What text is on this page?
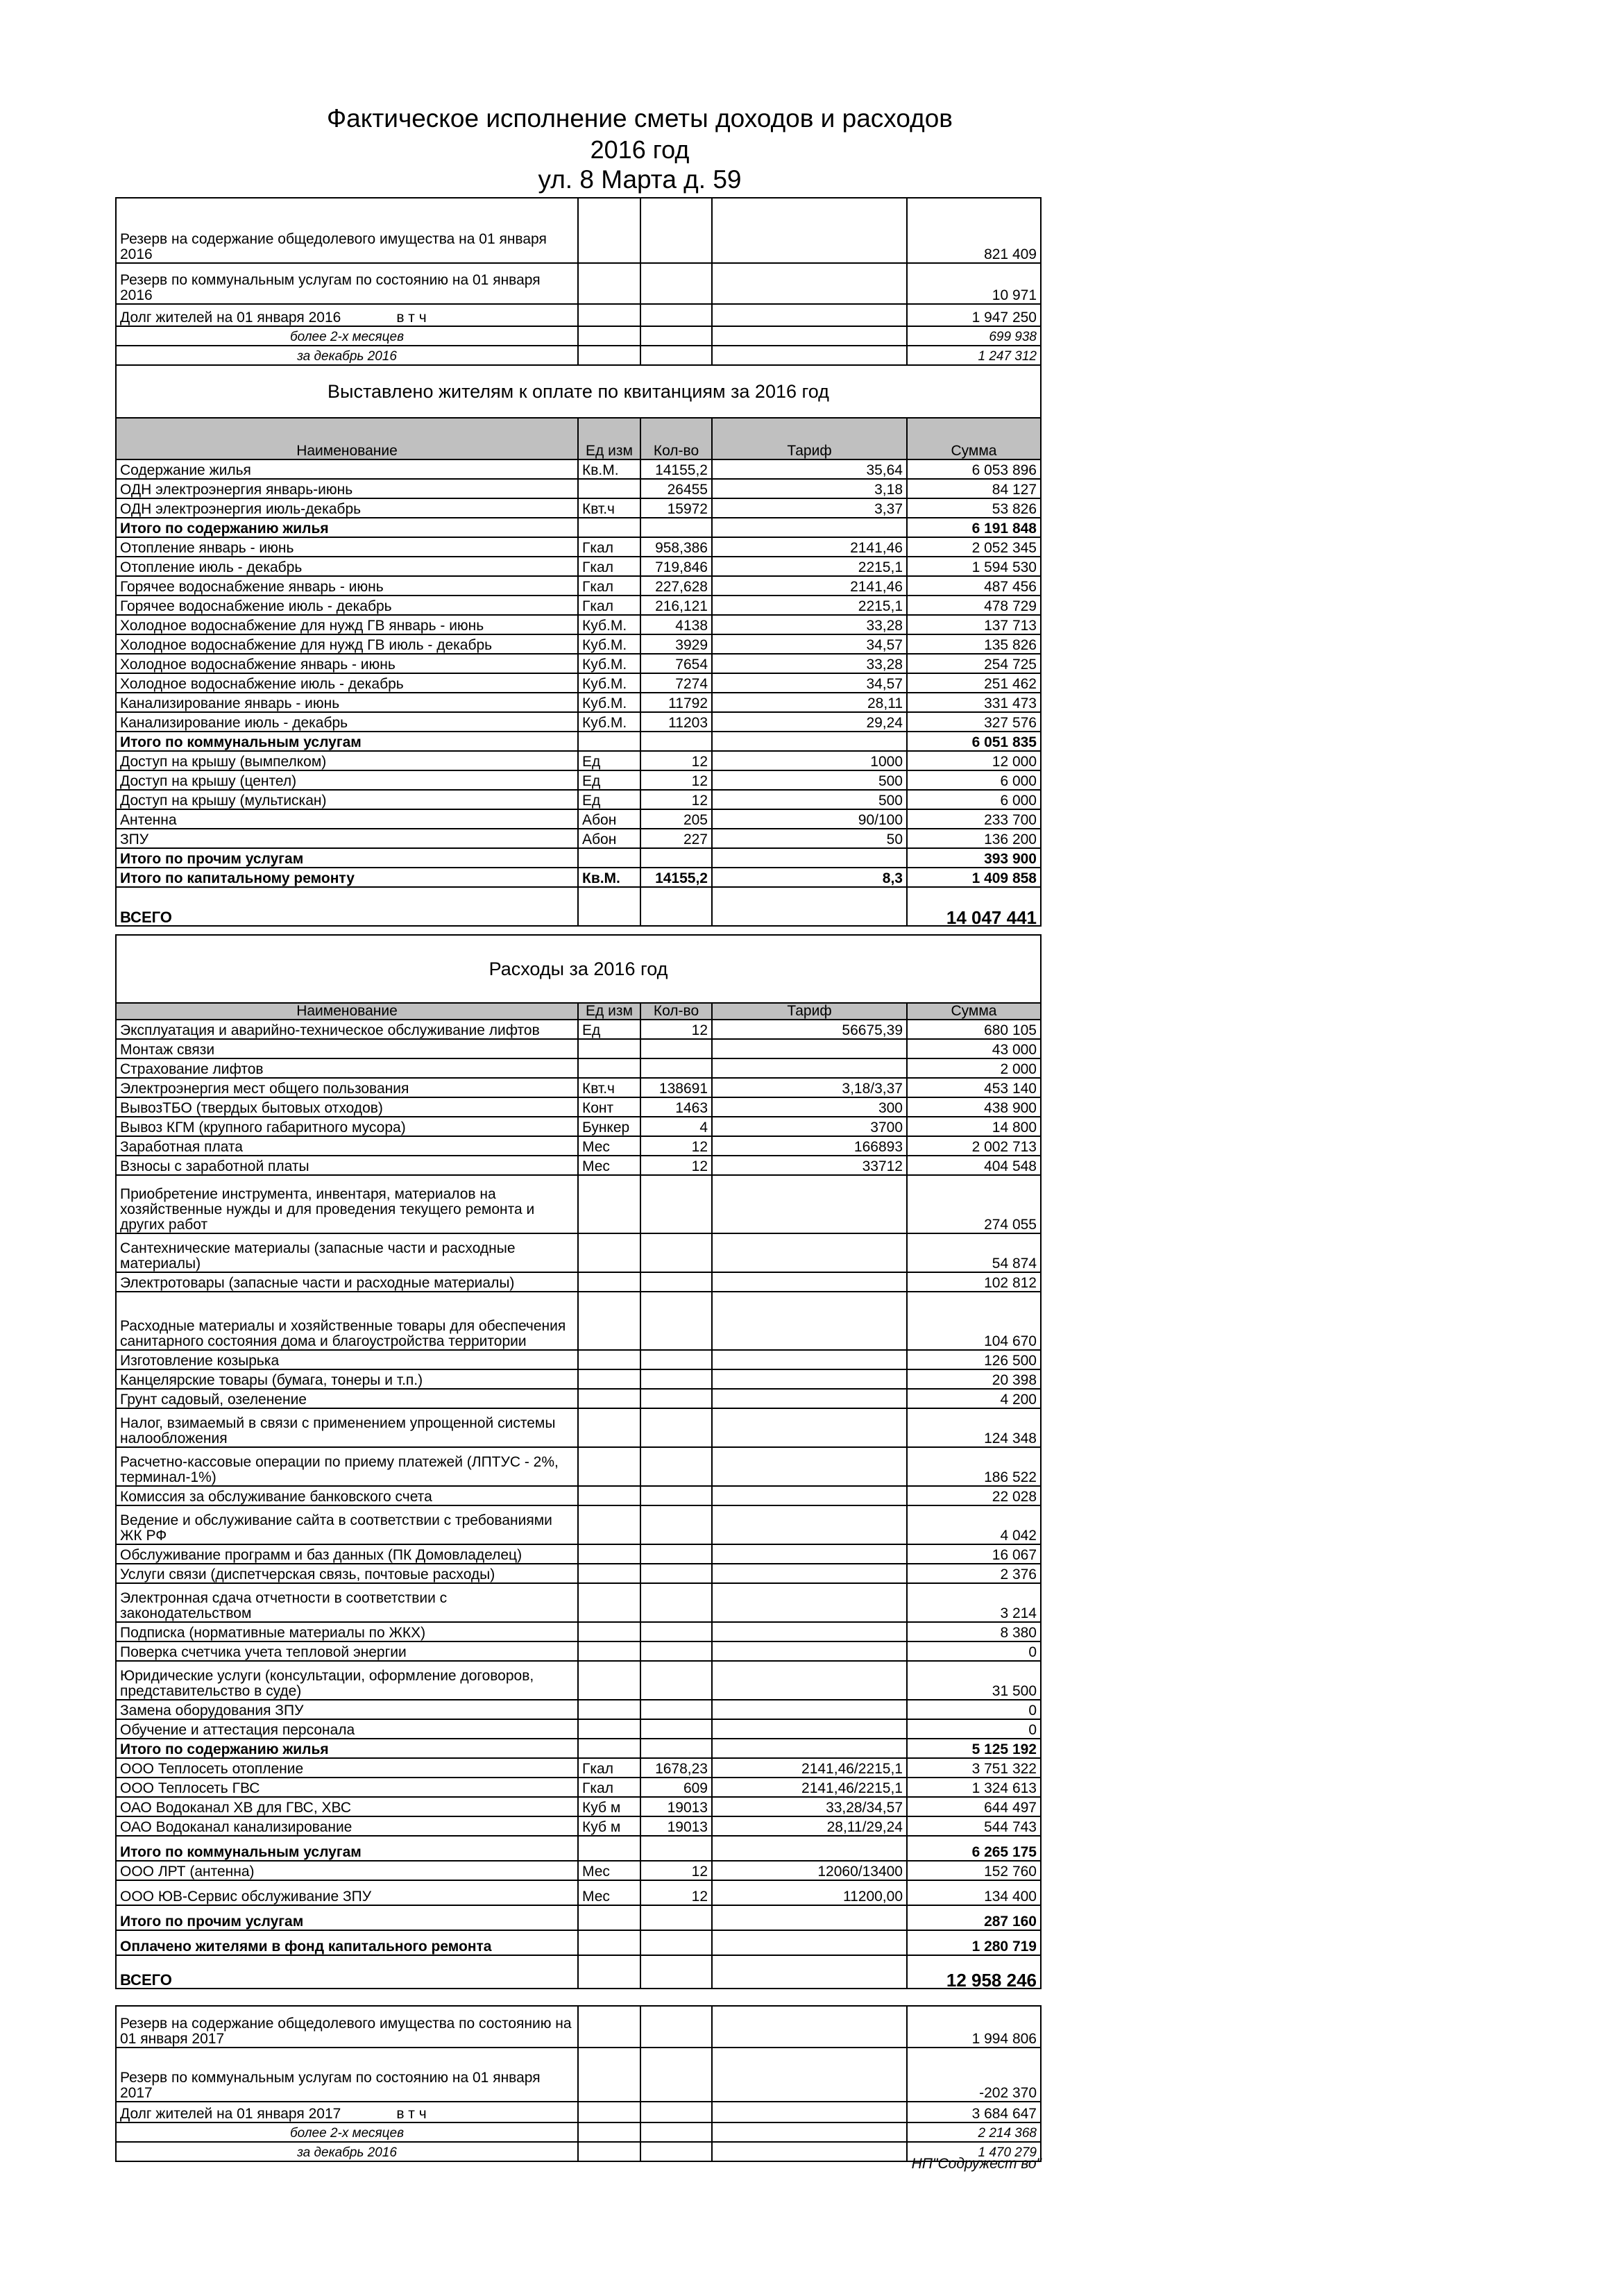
Фактическое исполнение сметы доходов и расходов
2016 год
ул. 8 Марта д. 59
Резерв на содержание общедолевого имущества на 01 января 2016				821 409
Резерв по коммунальным услугам по состоянию на 01 января 2016				10 971
Долг жителей на 01 января 2016 в т ч				1 947 250
более 2-х месяцев				699 938
за декабрь 2016				1 247 312
Выставлено жителям к оплате по квитанциям за 2016 год				
Наименование	Ед изм	Кол-во	Тариф	Сумма
Содержание жилья	Кв.М.	14155,2	35,64	6 053 896
ОДН электроэнергия январь-июнь		26455	3,18	84 127
ОДН электроэнергия июль-декабрь	Квт.ч	15972	3,37	53 826
Итого по содержанию жилья				6 191 848
Отопление январь - июнь	Гкал	958,386	2141,46	2 052 345
Отопление июль - декабрь	Гкал	719,846	2215,1	1 594 530
Горячее водоснабжение январь - июнь	Гкал	227,628	2141,46	487 456
Горячее водоснабжение июль - декабрь	Гкал	216,121	2215,1	478 729
Холодное водоснабжение для нужд ГВ январь - июнь	Куб.М.	4138	33,28	137 713
Холодное водоснабжение для нужд ГВ июль - декабрь	Куб.М.	3929	34,57	135 826
Холодное водоснабжение январь - июнь	Куб.М.	7654	33,28	254 725
Холодное водоснабжение июль - декабрь	Куб.М.	7274	34,57	251 462
Канализирование январь - июнь	Куб.М.	11792	28,11	331 473
Канализирование июль - декабрь	Куб.М.	11203	29,24	327 576
Итого по коммунальным услугам				6 051 835
Доступ на крышу (вымпелком)	Ед	12	1000	12 000
Доступ на крышу (центел)	Ед	12	500	6 000
Доступ на крышу (мультискан)	Ед	12	500	6 000
Антенна	Абон	205	90/100	233 700
ЗПУ	Абон	227	50	136 200
Итого по прочим услугам				393 900
Итого по капитальному ремонту	Кв.М.	14155,2	8,3	1 409 858
ВСЕГО				14 047 441
Расходы за 2016 год				
Наименование	Ед изм	Кол-во	Тариф	Сумма
Эксплуатация и аварийно-техническое обслуживание лифтов	Ед	12	56675,39	680 105
Монтаж связи				43 000
Страхование лифтов				2 000
Электроэнергия мест общего пользования	Квт.ч	138691	3,18/3,37	453 140
ВывозТБО (твердых бытовых отходов)	Конт	1463	300	438 900
Вывоз КГМ (крупного габаритного мусора)	Бункер	4	3700	14 800
Заработная плата	Мес	12	166893	2 002 713
Взносы с заработной платы	Мес	12	33712	404 548
Приобретение инструмента, инвентаря, материалов на хозяйственные нужды и для проведения текущего ремонта и других работ				274 055
Сантехнические материалы (запасные части и расходные материалы)				54 874
Электротовары (запасные части и расходные материалы)				102 812
Расходные материалы и хозяйственные товары для обеспечения санитарного состояния дома и благоустройства территории				104 670
Изготовление козырька				126 500
Канцелярские товары (бумага, тонеры и т.п.)				20 398
Грунт садовый, озеленение				4 200
Налог, взимаемый в связи с применением упрощенной системы налообложения				124 348
Расчетно-кассовые операции по приему платежей (ЛПТУС - 2%, терминал-1%)				186 522
Комиссия за обслуживание банковского счета				22 028
Ведение и обслуживание сайта в соответствии с требованиями ЖК РФ				4 042
Обслуживание программ и баз данных (ПК Домовладелец)				16 067
Услуги связи (диспетчерская связь, почтовые расходы)				2 376
Электронная сдача отчетности в соответствии с законодательством				3 214
Подписка (нормативные материалы по ЖКХ)				8 380
Поверка счетчика учета тепловой энергии				0
Юридические услуги (консультации, оформление договоров, представительство в суде)				31 500
Замена оборудования ЗПУ				0
Обучение и аттестация персонала				0
Итого по содержанию жилья				5 125 192
ООО Теплосеть отопление	Гкал	1678,23	2141,46/2215,1	3 751 322
ООО Теплосеть ГВС	Гкал	609	2141,46/2215,1	1 324 613
ОАО Водоканал ХВ для ГВС, ХВС	Куб м	19013	33,28/34,57	644 497
ОАО Водоканал канализирование	Куб м	19013	28,11/29,24	544 743
Итого по коммунальным услугам				6 265 175
ООО ЛРТ (антенна)	Мес	12	12060/13400	152 760
ООО ЮВ-Сервис обслуживание ЗПУ	Мес	12	11200,00	134 400
Итого по прочим услугам				287 160
Оплачено жителями в фонд капитального ремонта				1 280 719
ВСЕГО				12 958 246
Резерв на содержание общедолевого имущества по состоянию на 01 января 2017				1 994 806
Резерв по коммунальным услугам по состоянию на 01 января 2017				-202 370
Долг жителей на 01 января 2017 в т ч				3 684 647
более 2-х месяцев				2 214 368
за декабрь 2016				1 470 279
НП"Содружест во"
